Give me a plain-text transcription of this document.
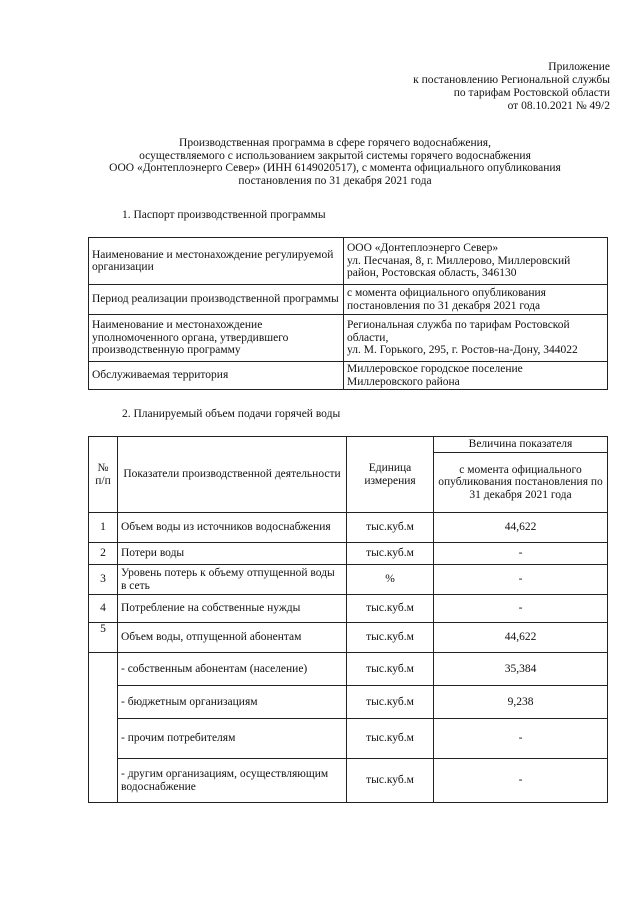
Приложение
к постановлению Региональной службы
по тарифам Ростовской области
от 08.10.2021 № 49/2
Производственная программа в сфере горячего водоснабжения,
осуществляемого с использованием закрытой системы горячего водоснабжения
ООО «Донтеплоэнерго Север» (ИНН 6149020517), с момента официального опубликования
постановления по 31 декабря 2021 года
1. Паспорт производственной программы
Наименование и местонахождение регулируемой организации	ООО «Донтеплоэнерго Север»
ул. Песчаная, 8, г. Миллерово, Миллеровский
район, Ростовская область, 346130

Период реализации производственной программы	с момента официального опубликования
постановления по 31 декабря 2021 года

Наименование и местонахождение уполномоченного органа, утвердившего производственную программу	Региональная служба по тарифам Ростовской
области,
ул. М. Горького, 295, г. Ростов-на-Дону, 344022

Обслуживаемая территория	Миллеровское городское поселение
Миллеровского района
2. Планируемый объем подачи горячей воды
№ п/п	Показатели производственной деятельности	Единица измерения	Величина показателя
			с момента официального опубликования постановления по 31 декабря 2021 года
1	Объем воды из источников водоснабжения	тыс.куб.м	44,622
2	Потери воды	тыс.куб.м	-
3	Уровень потерь к объему отпущенной воды в сеть	%	-
4	Потребление на собственные нужды	тыс.куб.м	-
5	Объем воды, отпущенной абонентам	тыс.куб.м	44,622
	- собственным абонентам (население)	тыс.куб.м	35,384
	- бюджетным организациям	тыс.куб.м	9,238
	- прочим потребителям	тыс.куб.м	-
	- другим организациям, осуществляющим водоснабжение	тыс.куб.м	-
